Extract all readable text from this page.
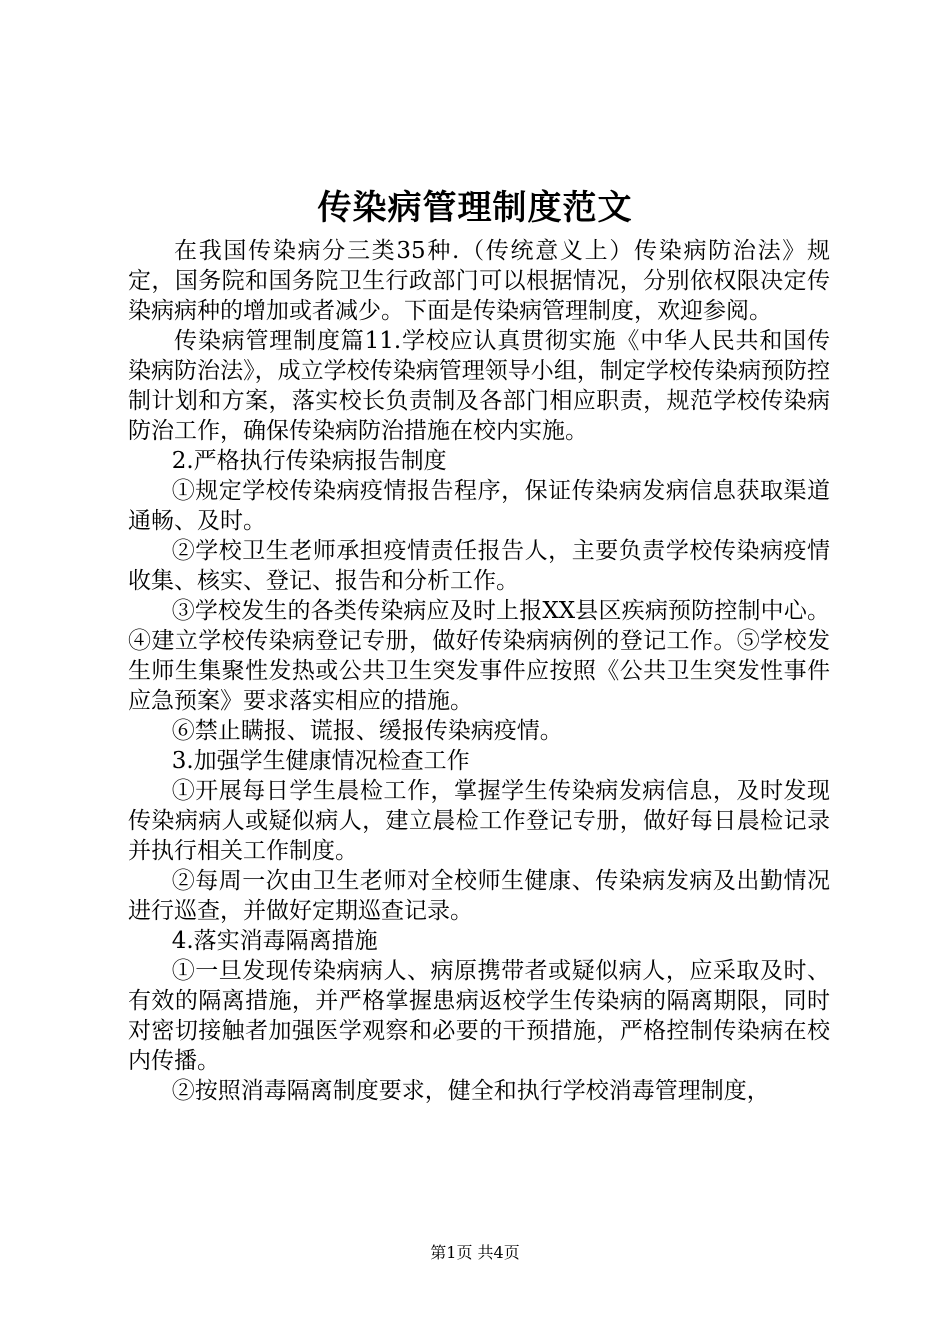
传染病管理制度范文

在我国传染病分三类35种.（传统意义上）传染病防治法》规定，国务院和国务院卫生行政部门可以根据情况，分别依权限决定传染病病种的增加或者减少。下面是传染病管理制度，欢迎参阅。

传染病管理制度篇11.学校应认真贯彻实施《中华人民共和国传染病防治法》，成立学校传染病管理领导小组，制定学校传染病预防控制计划和方案，落实校长负责制及各部门相应职责，规范学校传染病防治工作，确保传染病防治措施在校内实施。

2.严格执行传染病报告制度

①规定学校传染病疫情报告程序，保证传染病发病信息获取渠道通畅、及时。

②学校卫生老师承担疫情责任报告人，主要负责学校传染病疫情收集、核实、登记、报告和分析工作。

③学校发生的各类传染病应及时上报XX县区疾病预防控制中心。④建立学校传染病登记专册，做好传染病病例的登记工作。⑤学校发生师生集聚性发热或公共卫生突发事件应按照《公共卫生突发性事件应急预案》要求落实相应的措施。

⑥禁止瞒报、谎报、缓报传染病疫情。

3.加强学生健康情况检查工作

①开展每日学生晨检工作，掌握学生传染病发病信息，及时发现传染病病人或疑似病人，建立晨检工作登记专册，做好每日晨检记录并执行相关工作制度。

②每周一次由卫生老师对全校师生健康、传染病发病及出勤情况进行巡查，并做好定期巡查记录。

4.落实消毒隔离措施

①一旦发现传染病病人、病原携带者或疑似病人，应采取及时、有效的隔离措施，并严格掌握患病返校学生传染病的隔离期限，同时对密切接触者加强医学观察和必要的干预措施，严格控制传染病在校内传播。

②按照消毒隔离制度要求，健全和执行学校消毒管理制度，

第1页 共4页
